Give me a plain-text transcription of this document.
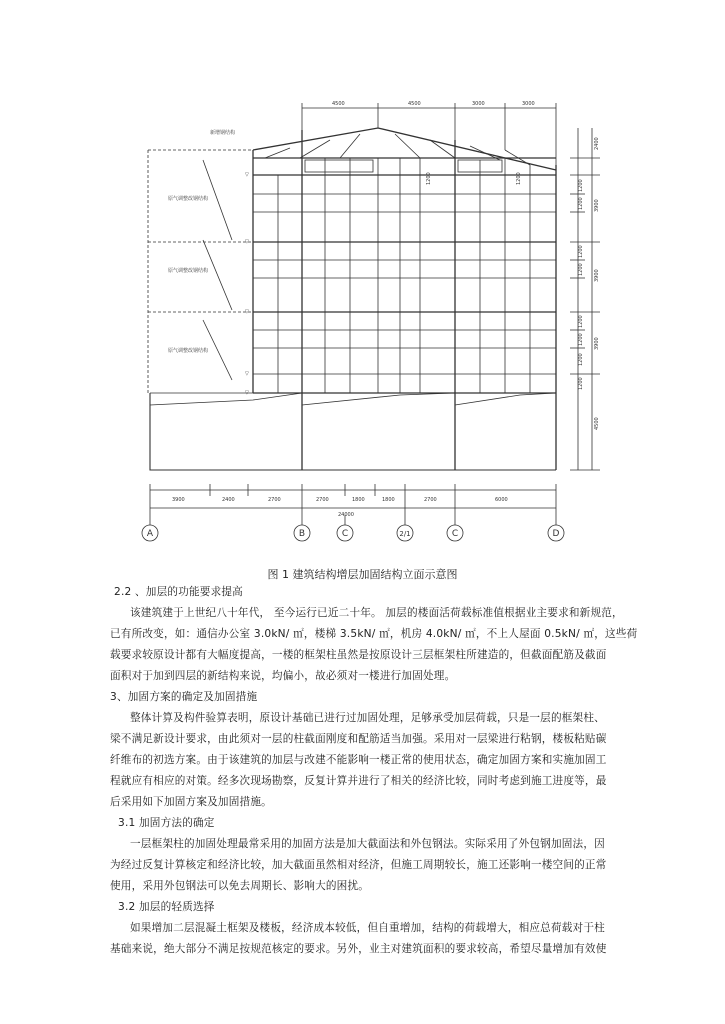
4500	4500	3000	3000
新增钢结构
原气调整改钢结构
原气调整改钢结构
原气调整改钢结构
▽
▽
▽
▽
▽
1200	1200
2400
1200
1200 3900
1200
1200 3900
1200
1200 3900
1200
1200
4500
3900	2400	2700	2700	1800	1800	2700	6000
24000
A	B	C	2/1	C	D
图 1 建筑结构增层加固结构立面示意图
2.2 、加层的功能要求提高
该建筑建于上世纪八十年代， 至今运行已近二十年。 加层的楼面活荷载标准值根据业主要求和新规范，
已有所改变，如：通信办公室 3.0kN/ ㎡，楼梯 3.5kN/ ㎡，机房 4.0kN/ ㎡，不上人屋面 0.5kN/ ㎡，这些荷
载要求较原设计都有大幅度提高，一楼的框架柱虽然是按原设计三层框架柱所建造的，但截面配筋及截面
面积对于加到四层的新结构来说，均偏小，故必须对一楼进行加固处理。
3、加固方案的确定及加固措施
整体计算及构件验算表明，原设计基础已进行过加固处理，足够承受加层荷载，只是一层的框架柱、
梁不满足新设计要求，由此须对一层的柱截面刚度和配筋适当加强。采用对一层梁进行粘钢，楼板粘贴碳
纤维布的初选方案。由于该建筑的加层与改建不能影响一楼正常的使用状态，确定加固方案和实施加固工
程就应有相应的对策。经多次现场勘察，反复计算并进行了相关的经济比较，同时考虑到施工进度等，最
后采用如下加固方案及加固措施。
3.1 加固方法的确定
一层框架柱的加固处理最常采用的加固方法是加大截面法和外包钢法。实际采用了外包钢加固法，因
为经过反复计算核定和经济比较，加大截面虽然相对经济，但施工周期较长，施工还影响一楼空间的正常
使用，采用外包钢法可以免去周期长、影响大的困扰。
3.2 加层的轻质选择
如果增加二层混凝土框架及楼板，经济成本较低，但自重增加，结构的荷载增大，相应总荷载对于柱
基础来说，绝大部分不满足按规范核定的要求。另外，业主对建筑面积的要求较高，希望尽量增加有效使
